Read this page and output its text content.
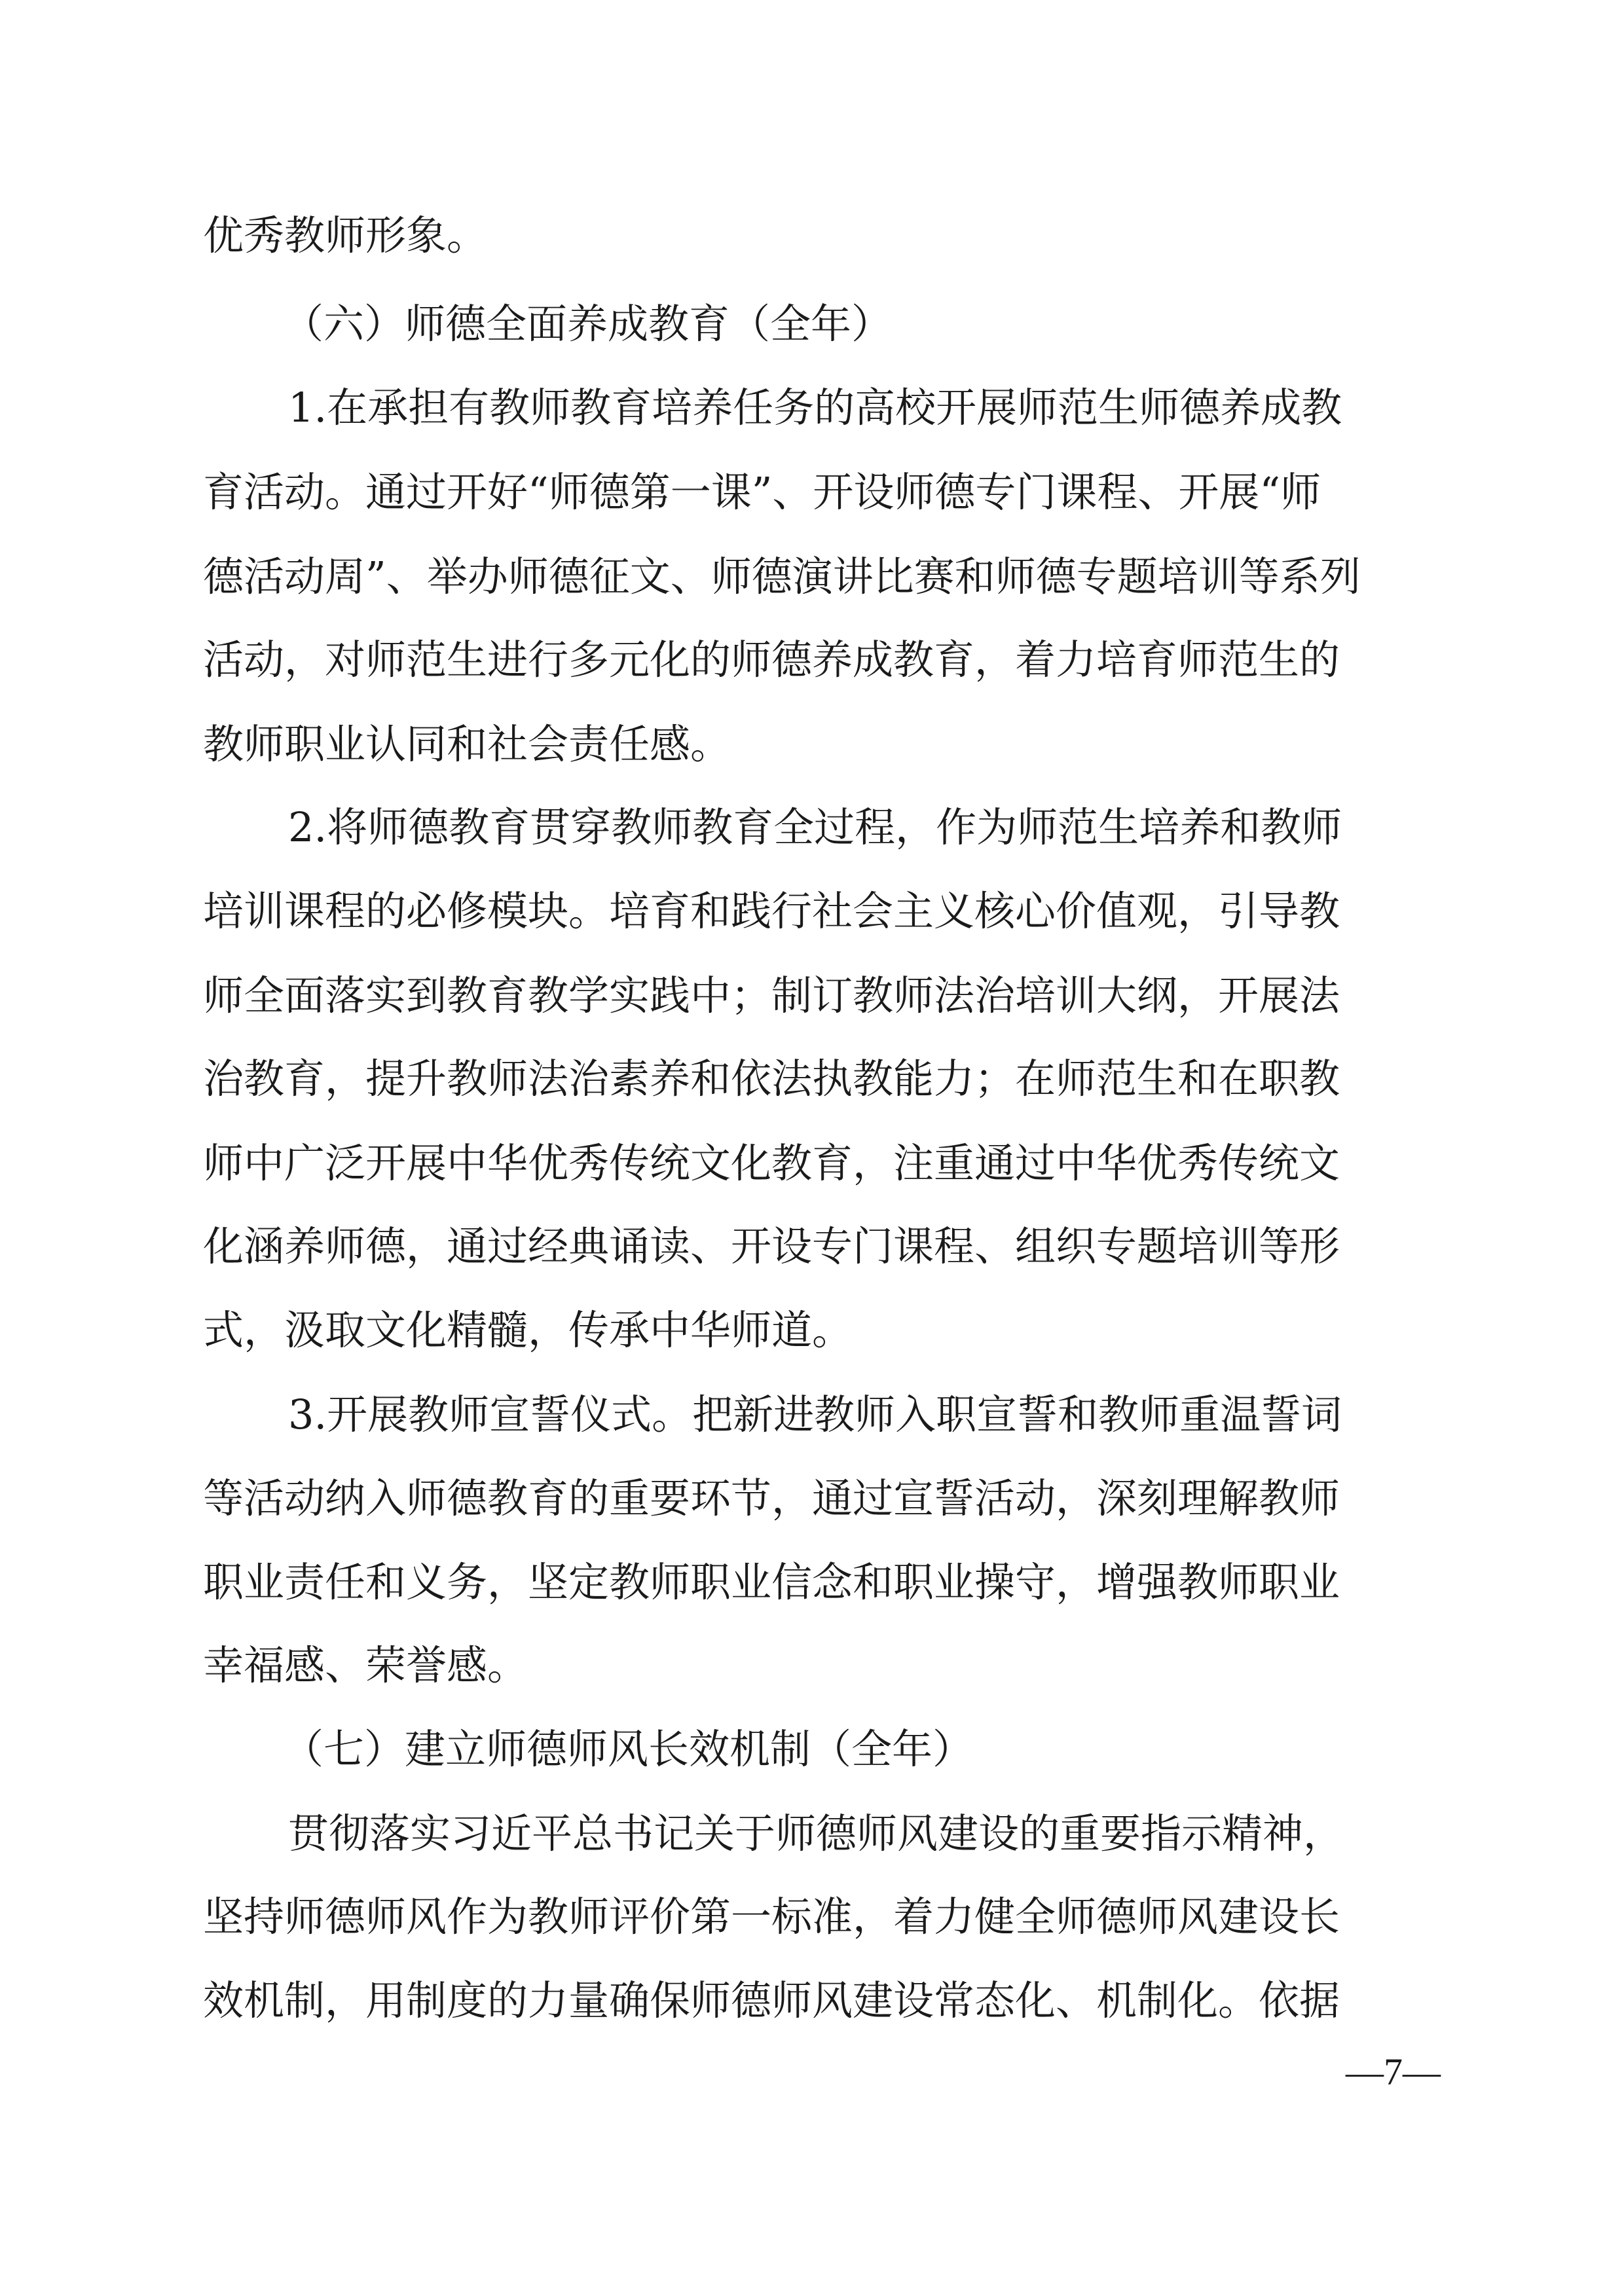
优秀教师形象。
（六）师德全面养成教育（全年）
1.在承担有教师教育培养任务的高校开展师范生师德养成教
育活动。通过开好“师德第一课”、开设师德专门课程、开展“师
德活动周”、举办师德征文、师德演讲比赛和师德专题培训等系列
活动，对师范生进行多元化的师德养成教育，着力培育师范生的
教师职业认同和社会责任感。
2.将师德教育贯穿教师教育全过程，作为师范生培养和教师
培训课程的必修模块。培育和践行社会主义核心价值观，引导教
师全面落实到教育教学实践中；制订教师法治培训大纲，开展法
治教育，提升教师法治素养和依法执教能力；在师范生和在职教
师中广泛开展中华优秀传统文化教育，注重通过中华优秀传统文
化涵养师德，通过经典诵读、开设专门课程、组织专题培训等形
式，汲取文化精髓，传承中华师道。
3.开展教师宣誓仪式。把新进教师入职宣誓和教师重温誓词
等活动纳入师德教育的重要环节，通过宣誓活动，深刻理解教师
职业责任和义务，坚定教师职业信念和职业操守，增强教师职业
幸福感、荣誉感。
（七）建立师德师风长效机制（全年）
贯彻落实习近平总书记关于师德师风建设的重要指示精神，
坚持师德师风作为教师评价第一标准，着力健全师德师风建设长
效机制，用制度的力量确保师德师风建设常态化、机制化。依据
—7—
